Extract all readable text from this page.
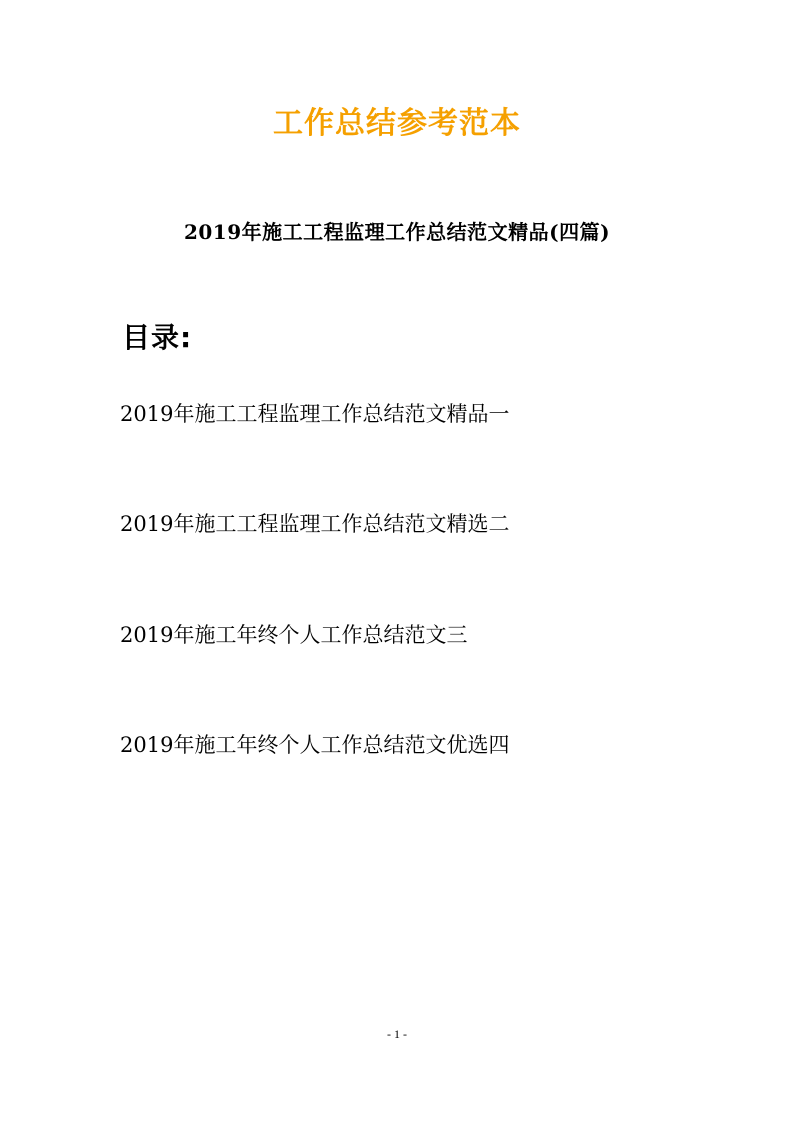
工作总结参考范本
2019年施工工程监理工作总结范文精品(四篇)
目录:
2019年施工工程监理工作总结范文精品一
2019年施工工程监理工作总结范文精选二
2019年施工年终个人工作总结范文三
2019年施工年终个人工作总结范文优选四
- 1 -
